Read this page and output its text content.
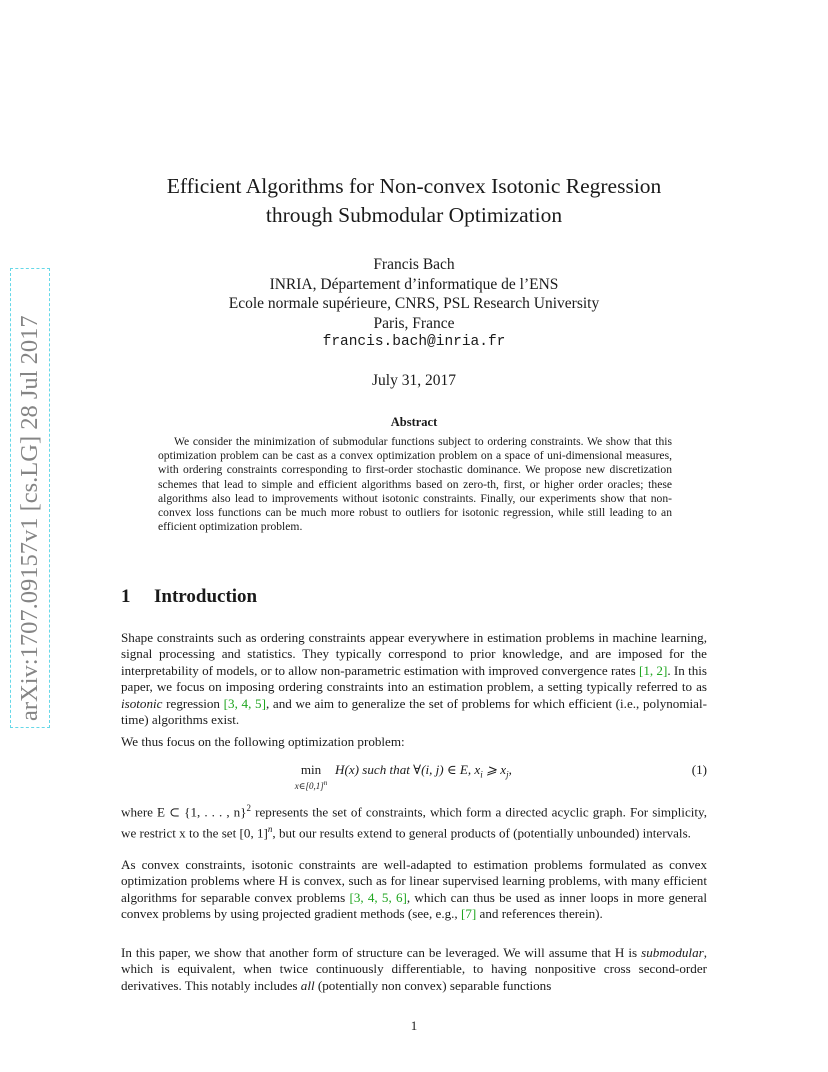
arXiv:1707.09157v1 [cs.LG] 28 Jul 2017
Efficient Algorithms for Non-convex Isotonic Regression
through Submodular Optimization
Francis Bach
INRIA, Département d’informatique de l’ENS
Ecole normale supérieure, CNRS, PSL Research University
Paris, France
francis.bach@inria.fr
July 31, 2017
Abstract

We consider the minimization of submodular functions subject to ordering constraints. We show that this optimization problem can be cast as a convex optimization problem on a space of uni-dimensional measures, with ordering constraints corresponding to first-order stochastic dominance. We propose new discretization schemes that lead to simple and efficient algorithms based on zero-th, first, or higher order oracles; these algorithms also lead to improvements without isotonic constraints. Finally, our experiments show that non-convex loss functions can be much more robust to outliers for isotonic regression, while still leading to an efficient optimization problem.

1 Introduction

Shape constraints such as ordering constraints appear everywhere in estimation problems in machine learning, signal processing and statistics. They typically correspond to prior knowledge, and are imposed for the interpretability of models, or to allow non-parametric estimation with improved convergence rates [1, 2]. In this paper, we focus on imposing ordering constraints into an estimation problem, a setting typically referred to as isotonic regression [3, 4, 5], and we aim to generalize the set of problems for which efficient (i.e., polynomial-time) algorithms exist.

We thus focus on the following optimization problem:

min
$x\in[0,1]^n$
H(x) such that ∀(i, j) ∈ E, $x_i$ ⩾ $x_j$,	(1)

where E ⊂ {1, . . . , n}$^2$ represents the set of constraints, which form a directed acyclic graph. For simplicity, we restrict x to the set [0, 1]$^n$, but our results extend to general products of (potentially unbounded) intervals.

As convex constraints, isotonic constraints are well-adapted to estimation problems formulated as convex optimization problems where H is convex, such as for linear supervised learning problems, with many efficient algorithms for separable convex problems [3, 4, 5, 6], which can thus be used as inner loops in more general convex problems by using projected gradient methods (see, e.g., [7] and references therein).

In this paper, we show that another form of structure can be leveraged. We will assume that H is submodular, which is equivalent, when twice continuously differentiable, to having nonpositive cross second-order derivatives. This notably includes all (potentially non convex) separable functions

1
